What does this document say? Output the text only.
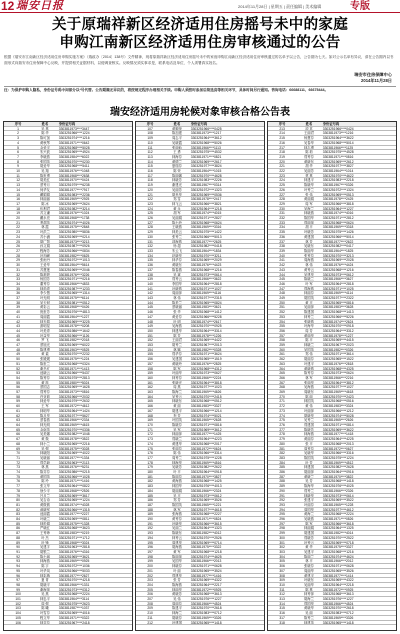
12 瑞安日报	2014年11月28日 | 星期五 | 责任编辑 | 美术编辑	专版
关于原瑞祥新区经济适用住房摇号未中的家庭
申购江南新区经济适用住房审核通过的公告
根据《瑞安市江南新区经济适用住房申购实施方案》（瑞政办〔2014〕138号）文件精神，现将原瑞祥新区经济适用住房摇号未中的家庭申购江南新区经济适用住房审核通过的名单予以公告，公告期为七天。如对公示名单有异议，请在公告期内以书面形式向瑞安市住房保障中心反映，并提供相关证据材料，以便调查核实。反映情况须实事求是，联系电话及单位、个人须署真实姓名。
瑞安市住房保障中心
2014年11月28日
注：为保护申购人隐私，身份证号码中间部分以*号代替。公告期满无异议的，将按规定程序办理相关手续。申购人须按时参加后续选房等相关环节，具体时间另行通知。咨询电话：66688111、66675444。
瑞安经济适用房轮候对象审核合格公告表
序号	姓名	身份证号码
1	吴 燕	3303811973****3447
2	陈 华	3303251966****1224
3	陈可加	3303251974****1216
4	黄秋琴	3303811971****0642
5	金爱平	3303251968****5028
6	朱兴波	3303251969****4924
7	李晓燕	3303811984****6022
8	张国英	3303251970****0230
9	胡爱华	3303251968****5411
10	吴 翔	3303811976****1048
11	陈世勇	3303811968****2638
12	胡美红	3303811970****0424
13	蔡秀月	3303251979****6238
14	何华友	3303811977****7917
15	戴娟娟	3303251983****2236
16	林丽丽	3303811969****2925
17	陈 冰	3303251969****2624
18	伍利君	3303251982****3214
19	苏文谦	3303811976****1024
20	戴永亮	3303811968****1738
21	季超英	3303251974****4026
22	林 霞	3303811975****2848
23	叶洪兰	3303251980****5836
24	苏小涵	3303251969****0214
25	胡广智	3303811973****3213
26	孙文娟	3303251987****0926
27	程海芳	3303251966****0834
28	叶加峰	3303811982****0625
29	张雨丹	3303251972****1013
30	王爱华	3303811964****5614
31	苏慧莲	3303251969****2046
32	陈莉婷	3303811976****3226
33	杨国芳	3303251971****0216
34	董秀芬	3303811966****4833
35	林茹青	3303251987****1233
36	李少慧	3303251965****1314
37	叶光明	3303811975****6114
38	吴天财	3303251981****0512
39	黄彩云	3303811968****0426
40	倪世芳	3303251976****4813
41	周丽霞	3303811964****1227
42	林光群	3303251969****3225
43	游明星	3303811978****0208
44	叶美青	3303251986****1642
45	叶益华	3303251966****1126
46	罗 飞	3303811982****2018
47	蔡旭光	3303251969****6022
48	陈建勇	3303811963****0525
49	黄 素	3303251970****2232
50	张媛媛	3303811975****1224
51	陈世兰	3303251968****0324
52	谢冬红	3303811971****1413
53	池晓云	3303251966****5437
54	陈秀芬	3303251975****2813
55	黄 凯	3303811980****5024
56	蔡国志	3303251969****1628
57	郑秀芬	3303811973****0816
58	许亚莉	3303251966****2032
59	林爱华	3303251979****2632
60	王 军	3303811972****4612
61	林明华	3303251964****1424
62	陈月华	3303251977****5627
63	蔡春燕	3303811966****2334
64	林光明	3303811969****4615
65	金南英	3303251970****0336
66	吴美娜	3303251982****1048
67	黄 微	3303811978****3522
68	林小兰	3303251965****2216
69	吴 强	3303811975****3028
70	林晓阳	3303251969****4022
71	吴晓丽	3303811977****1334
72	郑学毅	3303251963****2113
73	林 燕	3303811976****5231
74	陈芬芬	3303251986****0215
75	黄国英	3303251966****1028
76	陈 玲	3303811971****1416
77	张文华	3303251964****0822
78	徐少平	3303811968****2526
79	吕月兰	3303251969****3617
80	吴吉诗	3303251965****1224
81	黄微微	3303811974****4028
82	章晓军	3303251966****1315
83	池丽霞	3303811977****2227
84	叶晓兰	3303251969****0811
85	林松娟	3303811975****1328
86	严晓红	3303251968****3623
87	王秀珍	3303811983****0219
88	叶 杰	3303251971****1712
89	叶 锋	3303811968****3024
90	吴建宇	3303251963****2818
91	胡银兰	3303811976****4316
92	陈小丽	3303251965****3621
93	林海燕	3303811969****0925
94	陈 宇	3303251972****1036
95	叶华凤	3303251966****5033
96	林彩娥	3303811977****2627
97	夏 青	3303251970****4218
98	胡晓平	3303811966****1331
99	谢海萍	3303251973****0312
100	吴 燕	3303251968****2224
101	林忠平	3303811964****3114
102	周 强	3303251975****2623
103	陈 曦	3303811987****1037
104	叶雪芬	3303251969****4016
105	程文华	3303811971****0322
106	林芬芬	3303251967****2418
序号	姓名	身份证号码
107	黄顺荣	3303251966****0425
108	陈加建	3303811973****1217
109	周志平	3303251964****3612
110	吴晓霞	3303251968****5026
111	张丽仙	3303811966****1113
112	王 勇	3303251975****4532
113	林海芬	3303811971****0821
114	黄德兰	3303251969****2617
115	夏瑞芬	3303251977****3824
116	陈 荣	3303811964****1015
117	陈丽娜	3303251970****4628
118	林晓芳	3303251983****2226
119	谢建光	3303811967****0314
120	吴丽芳	3303251972****1323
121	胡孝华	3303251969****0536
122	郑 雪	3303811978****2417
123	林飞云	3303251966****3821
124	黄 永	3303251964****1218
125	胡 军	3303811974****4015
126	吴丽娟	3303251971****2827
127	陈小玲	3303251968****0624
128	王晓燕	3303811969****3316
129	林美云	3303251975****1422
130	张秀兰	3303251966****5013
131	项海燕	3303811977****2625
132	杨 超	3303251982****0418
133	朱云飞	3303811964****1834
134	赵晓华	3303251970****3211
135	林华芬	3303251969****2029
136	黄晓东	3303811976****4423
137	陈春燕	3303251968****1216
138	吴 斌	3303251973****0614
139	郑秀云	3303811966****3622
140	李国华	3303251964****2818
141	叶晓燕	3303251971****1027
142	周丽萍	3303811969****4116
143	林 伟	3303251977****2315
144	陈美兰	3303251965****0824
145	蔡晓丽	3303811983****3621
146	张 华	3303251968****1412
147	黄爱芬	3303251966****5228
148	叶 明	3303811974****2617
149	吴海燕	3303251970****0925
150	林建华	3303251964****3314
151	陈 芳	3303811978****1226
152	王丽君	3303251969****4422
153	胡秀兰	3303251967****2013
154	林 娜	3303811982****0328
155	郑华芬	3303251971****3624
156	吴建国	3303251965****1519
157	黄晓玲	3303811976****2825
158	陈 军	3303251968****4312
159	叶丽华	3303251973****0627
160	林秀芬	3303811966****2224
161	张晓光	3303251964****3818
162	周 燕	3303251977****1023
163	陈海兰	3303811969****4626
164	吴秀云	3303251970****2415
165	林晓东	3303251968****0512
166	黄 丽	3303811983****3327
167	胡建平	3303251966****1214
168	李 芳	3303251974****5021
169	叶国英	3303811965****2628
170	陈晓芬	3303251971****0816
171	吴 军	3303251969****3612
172	林丽萍	3303811977****1425
173	郑晓兰	3303251964****4223
174	黄建华	3303251968****2017
175	张丽芬	3303811972****0624
176	陈 伟	3303251966****3314
177	周秀兰	3303251975****1228
178	林海华	3303811969****4516
179	吴晓芳	3303251982****2622
180	叶 平	3303251964****0918
181	陈丽芬	3303811970****3827
182	黄海燕	3303251968****1425
183	林国华	3303251976****4013
184	胡丽娟	3303811966****2324
185	吴 平	3303251973****0612
186	郑 芳	3303251969****3526
187	陈国英	3303811965****1221
188	林 军	3303251977****4618
189	张海燕	3303251968****2227
190	黄秀芬	3303811971****0824
191	叶晓华	3303251966****3615
192	吴丽兰	3303251964****1323
193	陈晓东	3303811982****4012
194	林秀云	3303251970****2526
195	周建华	3303251969****0714
196	胡海燕	3303811975****3322
197	黄 军	3303251968****1218
198	陈丽萍	3303251974****4625
199	吴国华	3303811966****2013
200	林晓芬	3303251971****0628
201	叶 丽	3303251965****3524
202	郑建华	3303811977****1416
203	张 芳	3303251969****4322
204	陈海燕	3303251964****2217
205	林丽华	3303811972****0925
206	黄晓芳	3303251968****3613
207	吴 伟	3303251976****1227
208	周丽芬	3303811966****4524
209	陈建平	3303251970****2618
210	林海兰	3303251983****0712
211	胡晓芬	3303811969****3326
212	叶建国	3303251965****1418
序号	姓名	身份证号码
213	项 英	3303251966****0424
214	王丽君	3303811973****1216
215	杨慧芬	3303251964****3622
216	吴春华	3303251968****5014
217	林志勇	3303811966****1125
218	陈 莉	3303251975****4528
219	郑秀芬	3303811971****0816
220	黄晓东	3303251969****2612
221	胡 华	3303251977****3827
222	吴丽芳	3303811964****1014
223	蔡 燕	3303251970****4622
224	林建平	3303251983****2218
225	陈晓华	3303811967****0326
226	叶秀兰	3303251972****1324
227	张 伟	3303251969****0513
228	黄丽娟	3303811978****2425
229	周 军	3303251966****3818
230	吴海兰	3303251964****1227
231	林晓燕	3303811974****4016
232	陈国华	3303251971****2812
233	郑丽萍	3303251968****0624
234	胡 平	3303811969****3318
235	叶晓芳	3303251975****1426
236	黄建国	3303251966****5014
237	林 芳	3303811977****2622
238	吴晓东	3303251982****0417
239	陈丽华	3303811964****1825
240	张秀芬	3303251970****3213
241	周海燕	3303251969****2028
242	林 伟	3303811976****4424
243	黄秀云	3303251968****1216
244	吴建华	3303251973****0612
245	陈晓兰	3303811966****3627
246	叶 军	3303251964****2818
247	郑海燕	3303251971****1025
248	林丽芬	3303811969****4114
249	胡国英	3303251977****2322
250	黄 平	3303251965****0816
251	吴丽萍	3303811983****3628
252	陈建国	3303251968****1413
253	林秀兰	3303251966****5226
254	张晓燕	3303811974****2624
255	叶海华	3303251970****0918
256	周 芳	3303251964****3312
257	黄丽华	3303811978****1227
258	陈 平	3303251969****4415
259	林晓兰	3303251967****2023
260	吴国英	3303811982****0326
261	郑 伟	3303251971****3614
262	胡丽芬	3303251965****1522
263	叶建平	3303811976****2818
264	黄晓燕	3303251968****4325
265	陈秀芬	3303251973****0624
266	林 军	3303811966****2216
267	张丽华	3303251964****3812
268	吴海燕	3303251977****1027
269	周晓东	3303811969****4618
270	陈 丽	3303251970****2423
271	林国英	3303251968****0516
272	黄 伟	3303811983****3324
273	叶丽萍	3303251966****1212
274	胡晓华	3303251974****5028
275	吴秀兰	3303811965****2626
276	郑建国	3303251971****0814
277	陈晓芳	3303251969****3622
278	林海燕	3303811977****1418
279	黄丽芬	3303251964****4225
280	张 平	3303251968****2013
281	周秀芬	3303811972****0627
282	吴晓华	3303251966****3316
283	陈国英	3303251975****1224
284	叶 芳	3303811969****4512
285	林建国	3303251982****2628
286	胡丽萍	3303251964****0916
287	黄晓兰	3303811970****3822
288	吴 芳	3303251968****1418
289	陈海华	3303251976****4025
290	郑秀兰	3303811966****2326
291	林晓华	3303251973****0614
292	张建平	3303251969****3522
293	叶丽芬	3303811965****1228
294	周国华	3303251977****4612
295	黄海兰	3303251968****2224
296	吴晓燕	3303811971****0826
297	陈 军	3303251966****3618
298	林丽娟	3303251964****1325
299	胡建国	3303811982****4014
300	郑晓芳	3303251970****2522
301	叶秀云	3303251969****0718
302	黄 华	3303811975****3327
303	吴建平	3303251968****1216
304	陈丽兰	3303251974****4624
305	林 平	3303811966****2012
306	张晓芬	3303251971****0628
307	周丽华	3303251965****3526
308	黄建平	3303811977****1414
309	叶晓东	3303251969****4322
310	吴丽华	3303251964****2218
311	陈 燕	3303811972****0925
312	林秀萍	3303251968****3613
313	胡海兰	3303251976****1227
314	郑国华	3303811966****4524
315	黄晓华	3303251970****2618
316	吴 丽	3303251983****0712
317	陈秀兰	3303811969****3326
318	林建英	3303251965****1418
